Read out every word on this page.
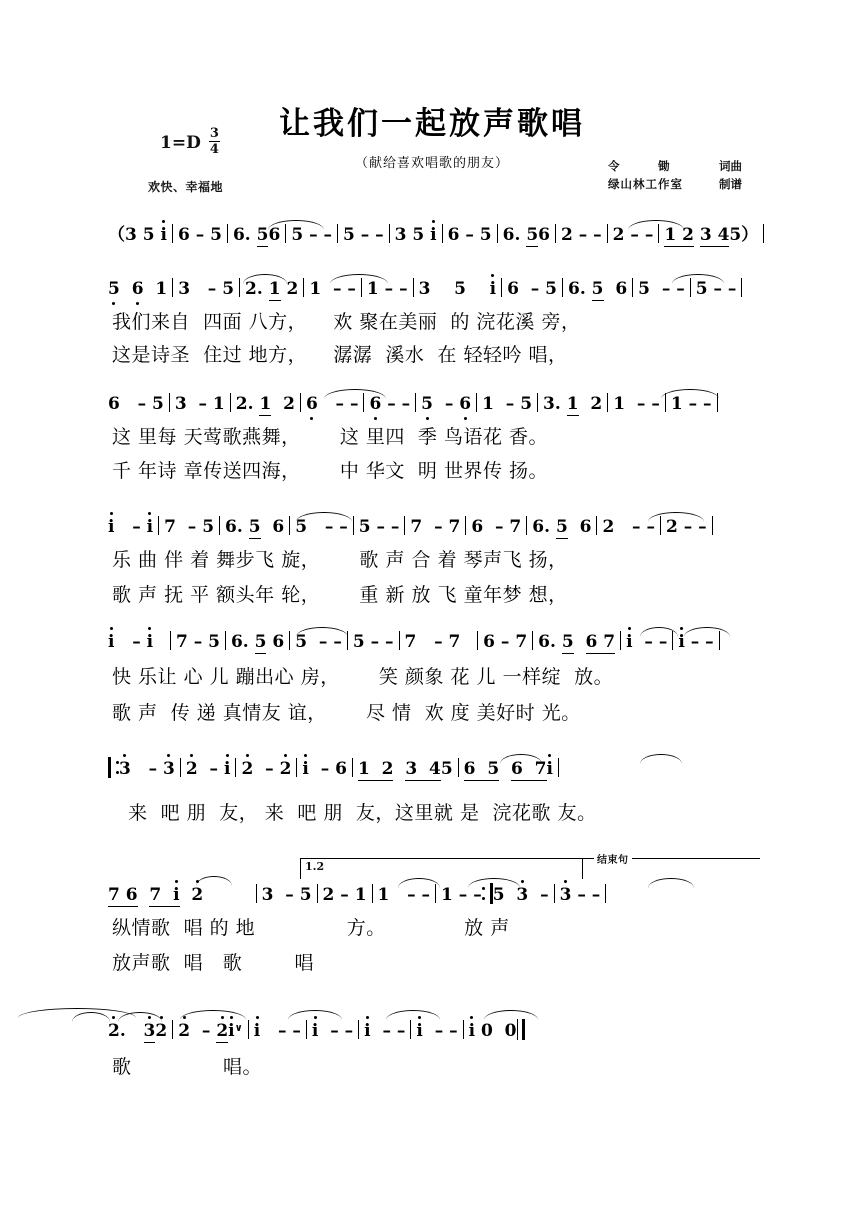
让我们一起放声歌唱
（献给喜欢唱歌的朋友）
$1=D \frac{3}{4}$
欢快、幸福地
令　　　锄	词曲
绿山林工作室	制谱

（3 5 i 6 – 5 6. 56 5 – – 5 – – 3 5 i 6 – 5 6. 56 2 – – 2 – – 1 2 3 45）

5 6  1 3   – 5 2. 1 2 1  – – 1 – – 3    5    i 6  – 5 6. 5  6 5  – – 5 – –

我们来自  四面 八方，    欢 聚在美丽  的 浣花溪 旁，

这是诗圣  住过 地方，    潺潺  溪水  在 轻轻吟 唱，

6   – 5 3  – 1 2. 1  2 6   – – 6 – – 5  – 6 1  – 5 3. 1  2 1  – – 1 – –

这 里每 天莺歌燕舞，      这 里四  季 鸟语花 香。

千 年诗 章传送四海，      中 华文  明 世界传 扬。

i   – i 7  – 5 6. 5  6 5   – – 5 – – 7  – 7 6  – 7 6. 5  6 2   – – 2 – –

乐 曲 伴 着 舞步飞 旋，      歌 声 合 着 琴声飞 扬，

歌 声 抚 平 额头年 轮，      重 新 放 飞 童年梦 想，

i   – i 7 – 5 6. 5 6 5  – – 5 – – 7   – 7  6 – 7 6. 5 6 7 i  – – i – –

快 乐让 心 儿 蹦出心 房，      笑 颜象 花 儿 一样绽  放。

歌 声  传 递 真情友 谊，      尽 情  欢 度 美好时 光。

3   – 3 2  – i 2  – 2 i  – 6 1  2 3  45 6  5 6  7i

来  吧 朋  友， 来  吧 朋  友，这里就 是  浣花歌 友。

1.2	结束句

7 6 7  i 2	3  – 5 2 – 1 1   – – 1 – – 5  3  – 3 – –

纵情歌  唱 的 地              方。            放 声

放声歌  唱   歌        唱

2.   32 2  – 2i∨ i   – – i  – – i  – – i  – – i 0  0

歌              唱。
